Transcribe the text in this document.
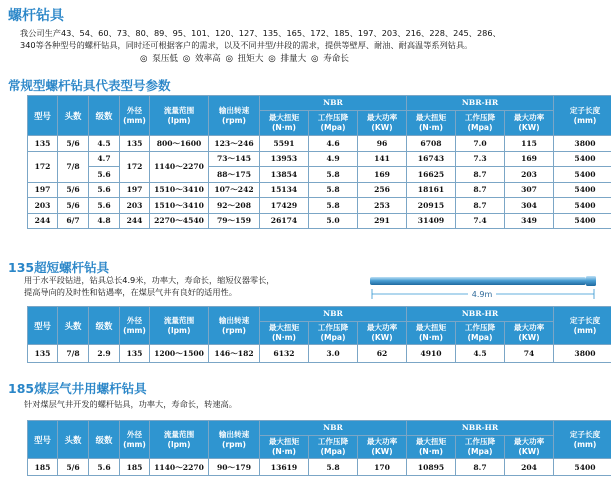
螺杆钻具
我公司生产43、54、60、73、80、89、95、101、120、127、135、165、172、185、197、203、216、228、245、286、
340等各种型号的螺杆钻具，同时还可根据客户的需求，以及不同井型/井段的需求，提供等壁厚、耐油、耐高温等系列钻具。
◎ 泵压低 ◎ 效率高 ◎ 扭矩大 ◎ 排量大 ◎ 寿命长
常规型螺杆钻具代表型号参数
型号	头数	级数	外径
(mm)	流量范围
(lpm)	输出转速
(rpm)	NBR			NBR-HR			定子长度
(mm)
						最大扭矩
(N·m)	工作压降
(Mpa)	最大功率
(KW)	最大扭矩
(N·m)	工作压降
(Mpa)	最大功率
(KW)	
135	5/6	4.5	135	800～1600	123～246	5591	4.6	96	6708	7.0	115	3800
172	7/8	4.7	172	1140～2270	73～145	13953	4.9	141	16743	7.3	169	5400
		5.6			88～175	13854	5.8	169	16625	8.7	203	5400
197	5/6	5.6	197	1510～3410	107～242	15134	5.8	256	18161	8.7	307	5400
203	5/6	5.6	203	1510～3410	92～208	17429	5.8	253	20915	8.7	304	5400
244	6/7	4.8	244	2270～4540	79～159	26174	5.0	291	31409	7.4	349	5400
135超短螺杆钻具
用于水平段钻进，钻具总长4.9米，功率大，寿命长，缩短仪器零长，
提高导向的及时性和钻遇率，在煤层气井有良好的适用性。	4.9m
型号	头数	级数	外径
(mm)	流量范围
(lpm)	输出转速
(rpm)	NBR			NBR-HR			定子长度
(mm)
						最大扭矩
(N·m)	工作压降
(Mpa)	最大功率
(KW)	最大扭矩
(N·m)	工作压降
(Mpa)	最大功率
(KW)	
135	7/8	2.9	135	1200～1500	146～182	6132	3.0	62	4910	4.5	74	3800
185煤层气井用螺杆钻具
针对煤层气井开发的螺杆钻具，功率大，寿命长，转速高。
型号	头数	级数	外径
(mm)	流量范围
(lpm)	输出转速
(rpm)	NBR			NBR-HR			定子长度
(mm)
						最大扭矩
(N·m)	工作压降
(Mpa)	最大功率
(KW)	最大扭矩
(N·m)	工作压降
(Mpa)	最大功率
(KW)	
185	5/6	5.6	185	1140～2270	90～179	13619	5.8	170	10895	8.7	204	5400
